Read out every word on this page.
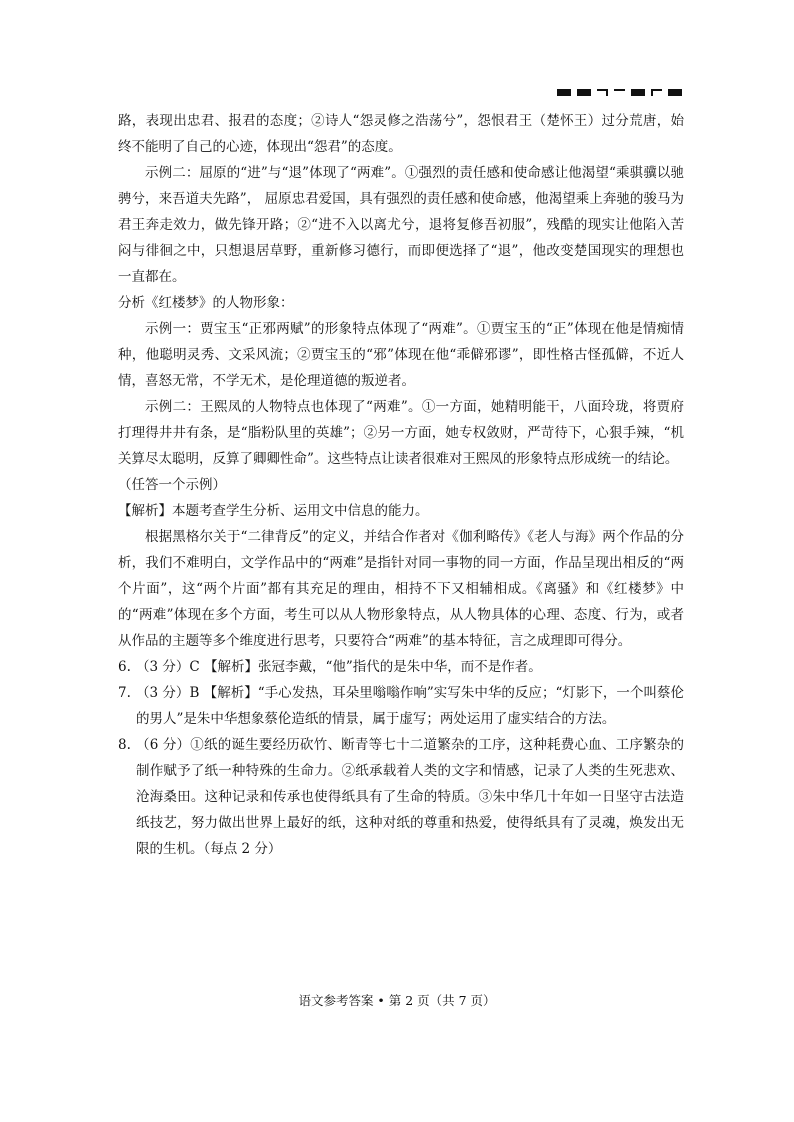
路，表现出忠君、报君的态度；②诗人“怨灵修之浩荡兮”，怨恨君王（楚怀王）过分荒唐，始终不能明了自己的心迹，体现出“怨君”的态度。

示例二：屈原的“进”与“退”体现了“两难”。①强烈的责任感和使命感让他渴望“乘骐骥以驰骋兮，来吾道夫先路”， 屈原忠君爱国，具有强烈的责任感和使命感，他渴望乘上奔驰的骏马为君王奔走效力，做先锋开路；②“进不入以离尤兮，退将复修吾初服”，残酷的现实让他陷入苦闷与徘徊之中，只想退居草野，重新修习德行，而即便选择了“退”，他改变楚国现实的理想也一直都在。

分析《红楼梦》的人物形象：

示例一：贾宝玉“正邪两赋”的形象特点体现了“两难”。①贾宝玉的“正”体现在他是情痴情种，他聪明灵秀、文采风流；②贾宝玉的“邪”体现在他“乖僻邪谬”，即性格古怪孤僻，不近人情，喜怒无常，不学无术，是伦理道德的叛逆者。

示例二：王熙凤的人物特点也体现了“两难”。①一方面，她精明能干，八面玲珑，将贾府打理得井井有条，是“脂粉队里的英雄”；②另一方面，她专权敛财，严苛待下，心狠手辣，“机关算尽太聪明，反算了卿卿性命”。这些特点让读者很难对王熙凤的形象特点形成统一的结论。

（任答一个示例）

【解析】本题考查学生分析、运用文中信息的能力。

根据黑格尔关于“二律背反”的定义，并结合作者对《伽利略传》《老人与海》两个作品的分析，我们不难明白，文学作品中的“两难”是指针对同一事物的同一方面，作品呈现出相反的“两个片面”，这“两个片面”都有其充足的理由，相持不下又相辅相成。《离骚》和《红楼梦》中的“两难”体现在多个方面，考生可以从人物形象特点，从人物具体的心理、态度、行为，或者从作品的主题等多个维度进行思考，只要符合“两难”的基本特征，言之成理即可得分。

6. （3 分）C 【解析】张冠李戴，“他”指代的是朱中华，而不是作者。
7. （3 分）B 【解析】“手心发热，耳朵里嗡嗡作响”实写朱中华的反应；“灯影下，一个叫蔡伦的男人”是朱中华想象蔡伦造纸的情景，属于虚写；两处运用了虚实结合的方法。
8. （6 分）①纸的诞生要经历砍竹、断青等七十二道繁杂的工序，这种耗费心血、工序繁杂的制作赋予了纸一种特殊的生命力。②纸承载着人类的文字和情感，记录了人类的生死悲欢、沧海桑田。这种记录和传承也使得纸具有了生命的特质。③朱中华几十年如一日坚守古法造纸技艺，努力做出世界上最好的纸，这种对纸的尊重和热爱，使得纸具有了灵魂，焕发出无限的生机。（每点 2 分）
语文参考答案 • 第 2 页（共 7 页）
